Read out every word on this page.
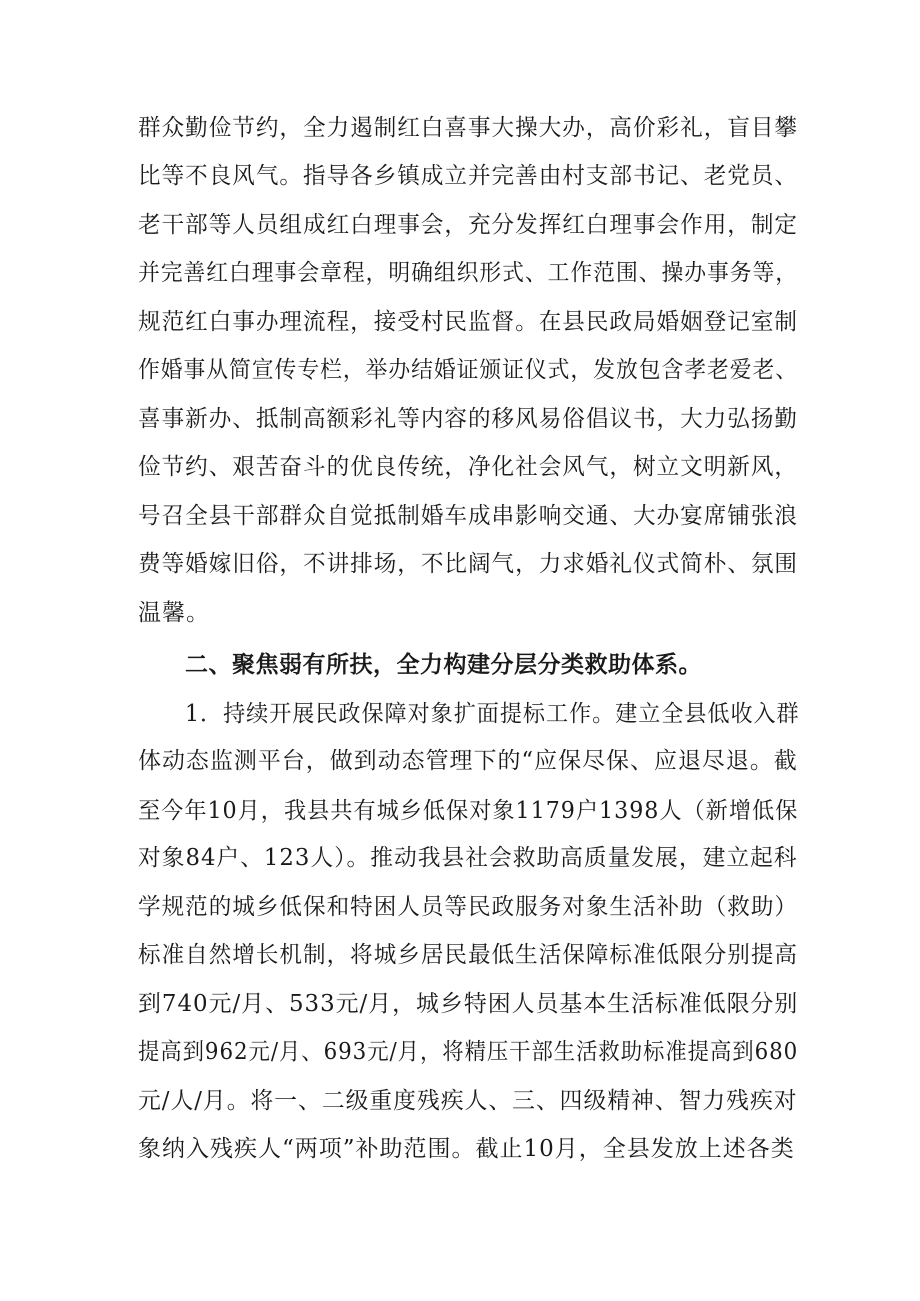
群众勤俭节约，全力遏制红白喜事大操大办，高价彩礼，盲目攀
比等不良风气。指导各乡镇成立并完善由村支部书记、老党员、
老干部等人员组成红白理事会，充分发挥红白理事会作用，制定
并完善红白理事会章程，明确组织形式、工作范围、操办事务等，
规范红白事办理流程，接受村民监督。在县民政局婚姻登记室制
作婚事从简宣传专栏，举办结婚证颁证仪式，发放包含孝老爱老、
喜事新办、抵制高额彩礼等内容的移风易俗倡议书，大力弘扬勤
俭节约、艰苦奋斗的优良传统，净化社会风气，树立文明新风，
号召全县干部群众自觉抵制婚车成串影响交通、大办宴席铺张浪
费等婚嫁旧俗，不讲排场，不比阔气，力求婚礼仪式简朴、氛围
温馨。
二、聚焦弱有所扶，全力构建分层分类救助体系。
1．持续开展民政保障对象扩面提标工作。建立全县低收入群
体动态监测平台，做到动态管理下的“应保尽保、应退尽退。截
至今年10月，我县共有城乡低保对象1179户1398人（新增低保
对象84户、123人）。推动我县社会救助高质量发展，建立起科
学规范的城乡低保和特困人员等民政服务对象生活补助（救助）
标准自然增长机制，将城乡居民最低生活保障标准低限分别提高
到740元/月、533元/月，城乡特困人员基本生活标准低限分别
提高到962元/月、693元/月，将精压干部生活救助标准提高到680
元/人/月。将一、二级重度残疾人、三、四级精神、智力残疾对
象纳入残疾人“两项”补助范围。截止10月，全县发放上述各类
